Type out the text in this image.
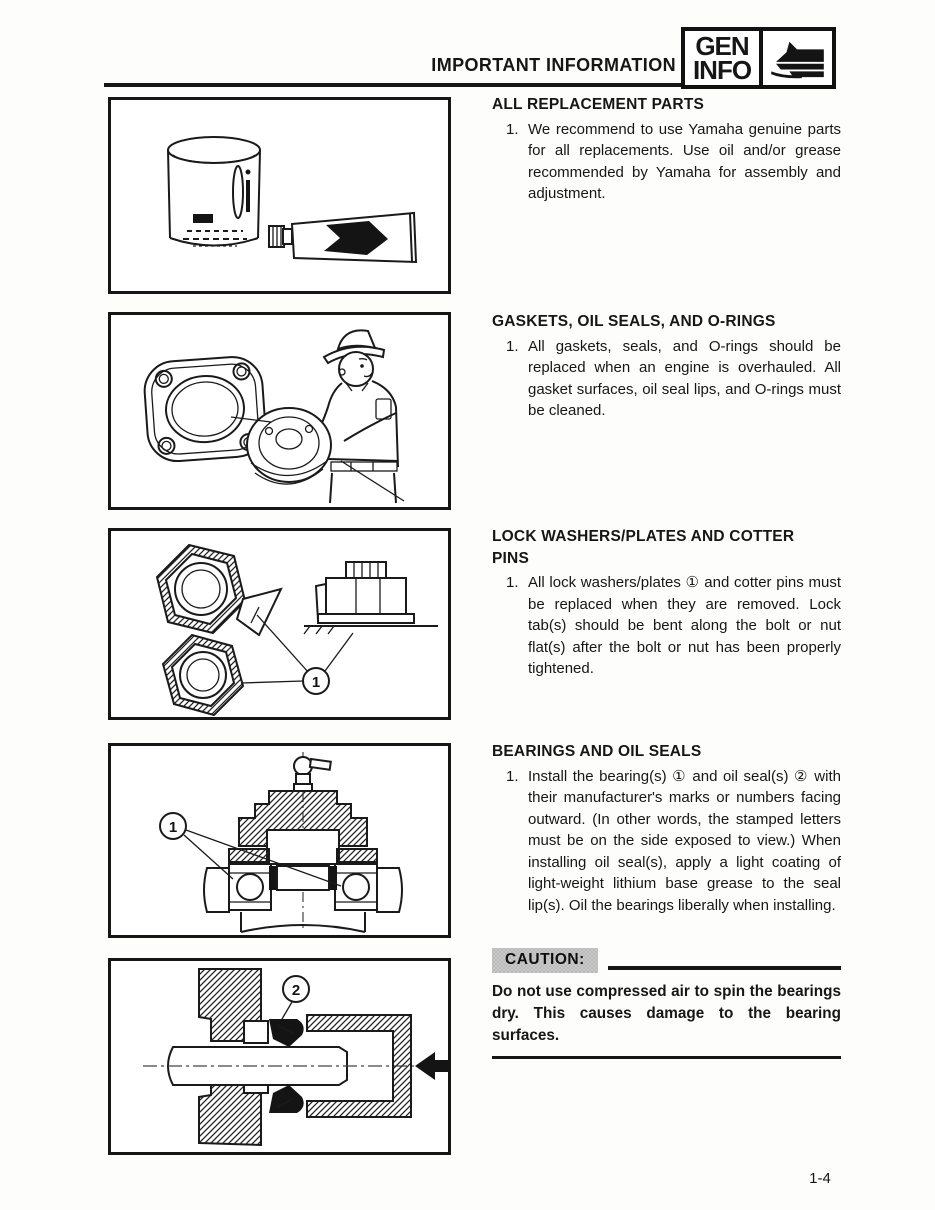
IMPORTANT INFORMATION
GEN
INFO
1
1
2
ALL REPLACEMENT PARTS
1. We recommend to use Yamaha genuine parts for all replacements. Use oil and/or grease recommended by Yamaha for assembly and adjustment.
GASKETS, OIL SEALS, AND O-RINGS
1. All gaskets, seals, and O-rings should be replaced when an engine is overhauled. All gasket surfaces, oil seal lips, and O-rings must be cleaned.
LOCK WASHERS/PLATES AND COTTER PINS
1. All lock washers/plates ① and cotter pins must be replaced when they are removed. Lock tab(s) should be bent along the bolt or nut flat(s) after the bolt or nut has been properly tightened.
BEARINGS AND OIL SEALS
1. Install the bearing(s) ① and oil seal(s) ② with their manufacturer's marks or numbers facing outward. (In other words, the stamped letters must be on the side exposed to view.) When installing oil seal(s), apply a light coating of light-weight lithium base grease to the seal lip(s). Oil the bearings liberally when installing.
CAUTION:
Do not use compressed air to spin the bearings dry. This causes damage to the bearing surfaces.
1-4
